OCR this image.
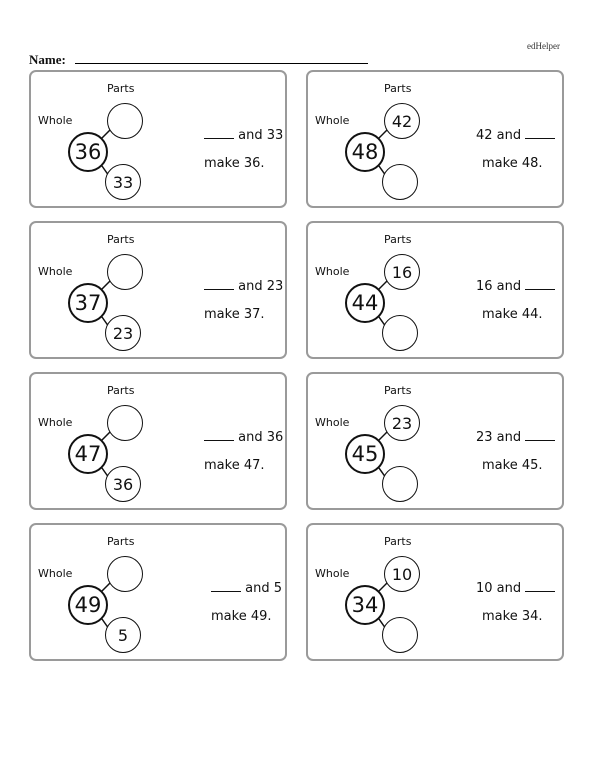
edHelper
Name:
Parts
Whole
36
33
and 33
make 36.
Parts
Whole
48
42
42 and
make 48.
Parts
Whole
37
23
and 23
make 37.
Parts
Whole
44
16
16 and
make 44.
Parts
Whole
47
36
and 36
make 47.
Parts
Whole
45
23
23 and
make 45.
Parts
Whole
49
5
and 5
make 49.
Parts
Whole
34
10
10 and
make 34.
